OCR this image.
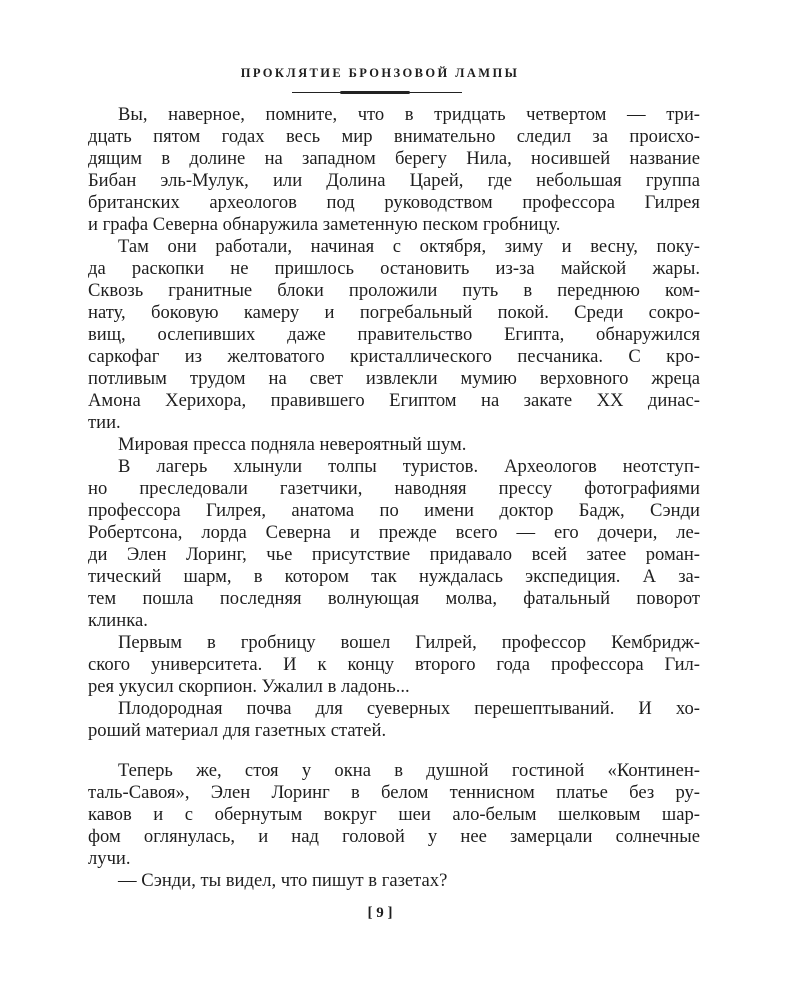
ПРОКЛЯТИЕ БРОНЗОВОЙ ЛАМПЫ
Вы, наверное, помните, что в тридцать четвертом — три-
дцать пятом годах весь мир внимательно следил за происхо-
дящим в долине на западном берегу Нила, носившей название
Бибан эль-Мулук, или Долина Царей, где небольшая группа
британских археологов под руководством профессора Гилрея
и графа Северна обнаружила заметенную песком гробницу.
Там они работали, начиная с октября, зиму и весну, поку-
да раскопки не пришлось остановить из-за майской жары.
Сквозь гранитные блоки проложили путь в переднюю ком-
нату, боковую камеру и погребальный покой. Среди сокро-
вищ, ослепивших даже правительство Египта, обнаружился
саркофаг из желтоватого кристаллического песчаника. С кро-
потливым трудом на свет извлекли мумию верховного жреца
Амона Херихора, правившего Египтом на закате XX динас-
тии.
Мировая пресса подняла невероятный шум.
В лагерь хлынули толпы туристов. Археологов неотступ-
но преследовали газетчики, наводняя прессу фотографиями
профессора Гилрея, анатома по имени доктор Бадж, Сэнди
Робертсона, лорда Северна и прежде всего — его дочери, ле-
ди Элен Лоринг, чье присутствие придавало всей затее роман-
тический шарм, в котором так нуждалась экспедиция. А за-
тем пошла последняя волнующая молва, фатальный поворот
клинка.
Первым в гробницу вошел Гилрей, профессор Кембридж-
ского университета. И к концу второго года профессора Гил-
рея укусил скорпион. Ужалил в ладонь...
Плодородная почва для суеверных перешептываний. И хо-
роший материал для газетных статей.
Теперь же, стоя у окна в душной гостиной «Континен-
таль-Савоя», Элен Лоринг в белом теннисном платье без ру-
кавов и с обернутым вокруг шеи ало-белым шелковым шар-
фом оглянулась, и над головой у нее замерцали солнечные
лучи.
— Сэнди, ты видел, что пишут в газетах?
[ 9 ]
